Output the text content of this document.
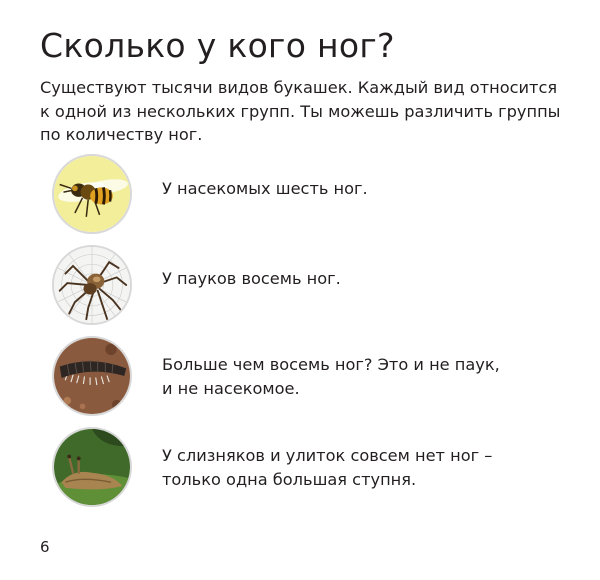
Сколько у кого ног?
Существуют тысячи видов букашек. Каждый вид относится
к одной из нескольких групп. Ты можешь различить группы
по количеству ног.
У насекомых шесть ног.
У пауков восемь ног.
Больше чем восемь ног? Это и не паук,
и не насекомое.
У слизняков и улиток совсем нет ног –
только одна большая ступня.
6
